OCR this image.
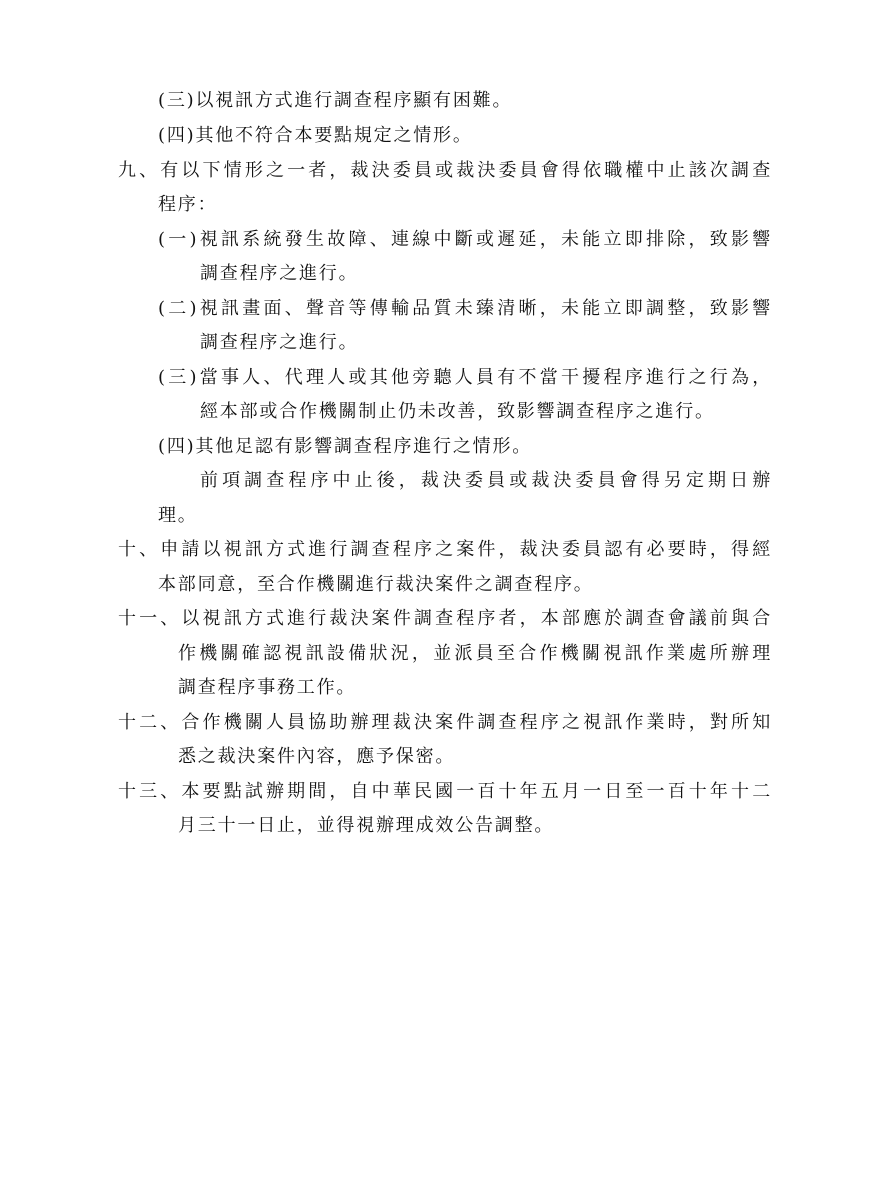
(三)以視訊方式進行調查程序顯有困難。
(四)其他不符合本要點規定之情形。
九、有以下情形之一者，裁決委員或裁決委員會得依職權中止該次調查
程序：
(一)視訊系統發生故障、連線中斷或遲延，未能立即排除，致影響
調查程序之進行。
(二)視訊畫面、聲音等傳輸品質未臻清晰，未能立即調整，致影響
調查程序之進行。
(三)當事人、代理人或其他旁聽人員有不當干擾程序進行之行為，
經本部或合作機關制止仍未改善，致影響調查程序之進行。
(四)其他足認有影響調查程序進行之情形。
前項調查程序中止後，裁決委員或裁決委員會得另定期日辦
理。
十、申請以視訊方式進行調查程序之案件，裁決委員認有必要時，得經
本部同意，至合作機關進行裁決案件之調查程序。
十一、以視訊方式進行裁決案件調查程序者，本部應於調查會議前與合
作機關確認視訊設備狀況，並派員至合作機關視訊作業處所辦理
調查程序事務工作。
十二、合作機關人員協助辦理裁決案件調查程序之視訊作業時，對所知
悉之裁決案件內容，應予保密。
十三、本要點試辦期間，自中華民國一百十年五月一日至一百十年十二
月三十一日止，並得視辦理成效公告調整。
